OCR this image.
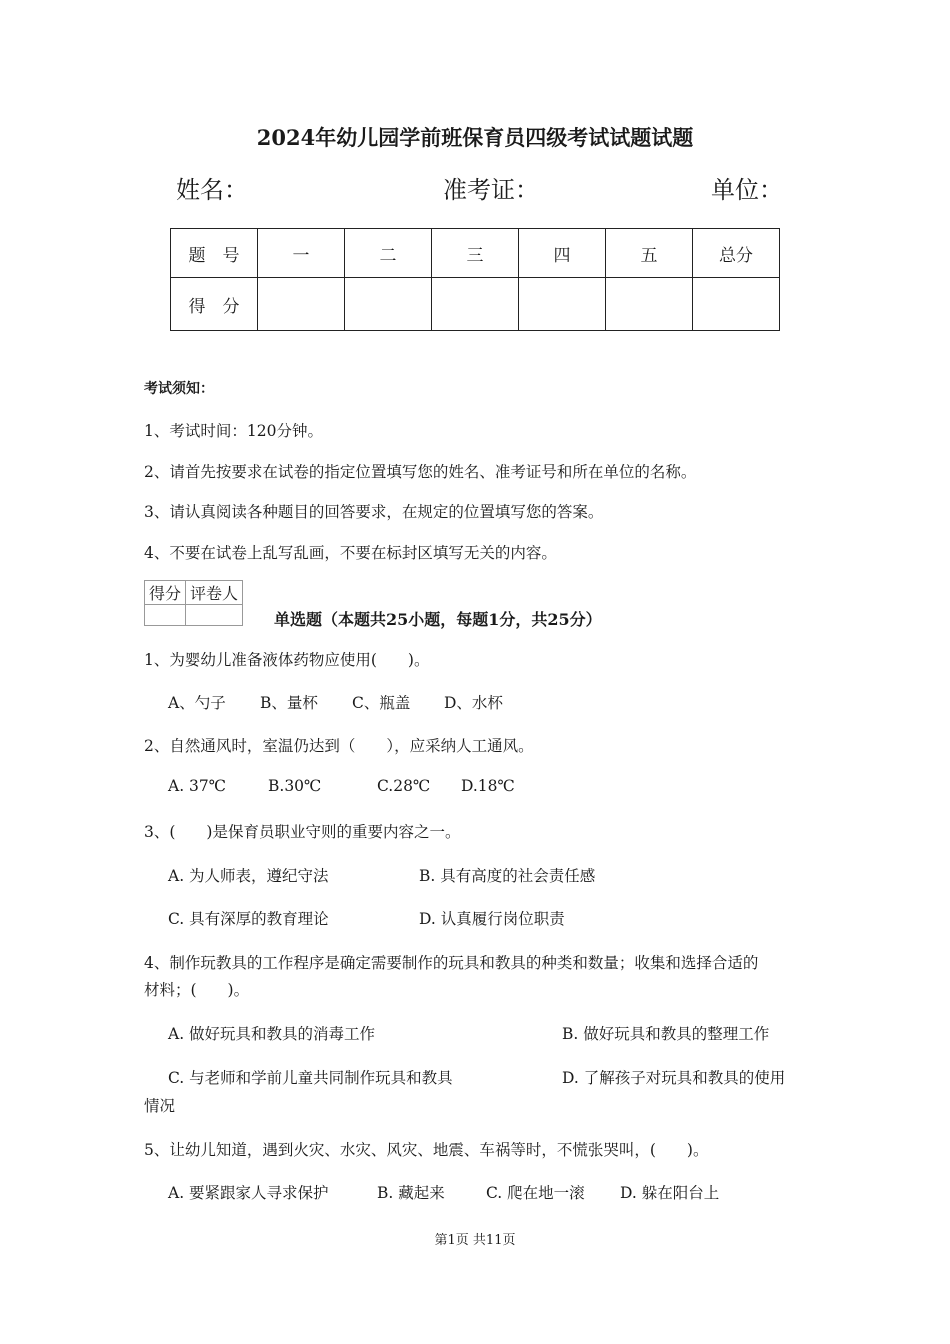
2024年幼儿园学前班保育员四级考试试题试题
姓名：	准考证：	单位：
题　号	一	二	三	四	五	总分
得　分						
考试须知：
1、考试时间：120分钟。
2、请首先按要求在试卷的指定位置填写您的姓名、准考证号和所在单位的名称。
3、请认真阅读各种题目的回答要求，在规定的位置填写您的答案。
4、不要在试卷上乱写乱画，不要在标封区填写无关的内容。
得分	评卷人

单选题（本题共25小题，每题1分，共25分）
1、为婴幼儿准备液体药物应使用(　　)。
A、勺子 B、量杯 C、瓶盖 D、水杯
2、自然通风时，室温仍达到（　　），应采纳人工通风。
A. 37℃	B.30℃	C.28℃ D.18℃
3、(　　)是保育员职业守则的重要内容之一。
A. 为人师表，遵纪守法	B. 具有高度的社会责任感
C. 具有深厚的教育理论	D. 认真履行岗位职责
4、制作玩教具的工作程序是确定需要制作的玩具和教具的种类和数量；收集和选择合适的
材料；(　　)。
A. 做好玩具和教具的消毒工作	B. 做好玩具和教具的整理工作
C. 与老师和学前儿童共同制作玩具和教具	D. 了解孩子对玩具和教具的使用
情况
5、让幼儿知道，遇到火灾、水灾、风灾、地震、车祸等时，不慌张哭叫，(　　)。
A. 要紧跟家人寻求保护	B. 藏起来	C. 爬在地一滚 D. 躲在阳台上
第1页 共11页
